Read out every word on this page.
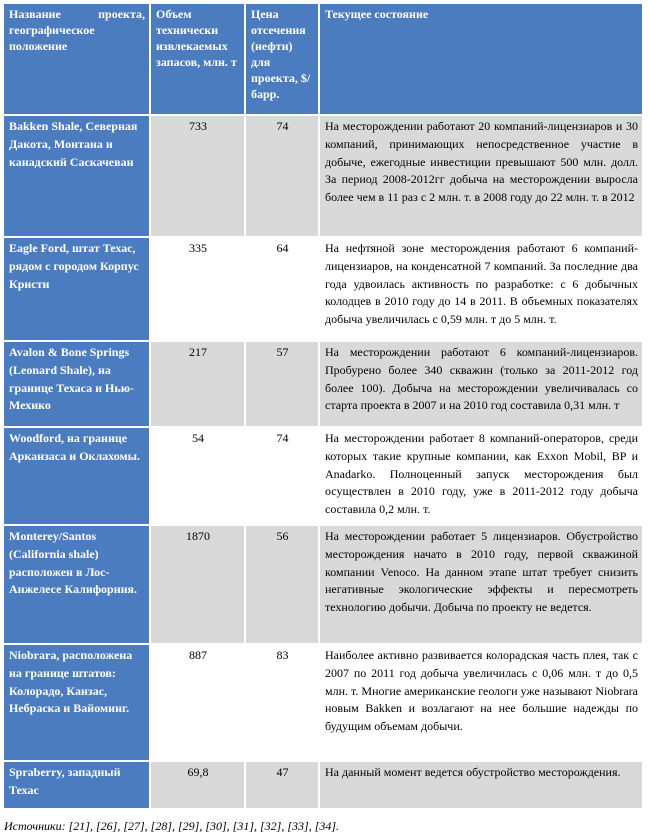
Название проекта, географическое положение	Объем технически извлекаемых запасов, млн. т	Цена отсечения (нефти) для проекта, $/барр.	Текущее состояние
Bakken Shale, Северная Дакота, Монтана и канадский Саскачеван	733	74	На месторождении работают 20 компаний-лицензиаров и 30 компаний, принимающих непосредственное участие в добыче, ежегодные инвестиции превышают 500 млн. долл. За период 2008-2012гг добыча на месторождении выросла более чем в 11 раз с 2 млн. т. в 2008 году до 22 млн. т. в 2012
Eagle Ford, штат Техас, рядом с городом Корпус Кристи	335	64	На нефтяной зоне месторождения работают 6 компаний-лицензиаров, на конденсатной 7 компаний. За последние два года удвоилась активность по разработке: с 6 добычных колодцев в 2010 году до 14 в 2011. В объемных показателях добыча увеличилась с 0,59 млн. т до 5 млн. т.
Avalon & Bone Springs (Leonard Shale), на границе Техаса и Нью-Мехико	217	57	На месторождении работают 6 компаний-лицензиаров. Пробурено более 340 скважин (только за 2011-2012 год более 100). Добыча на месторождении увеличивалась со старта проекта в 2007 и на 2010 год составила 0,31 млн. т
Woodford, на границе Арканзаса и Оклахомы.	54	74	На месторождении работает 8 компаний-операторов, среди которых такие крупные компании, как Exxon Mobil, BP и Anadarko. Полноценный запуск месторождения был осуществлен в 2010 году, уже в 2011-2012 году добыча составила 0,2 млн. т.
Monterey/Santos (California shale) расположен в Лос-Анжелесе Калифорния.	1870	56	На месторождении работает 5 лицензиаров. Обустройство месторождения начато в 2010 году, первой скважиной компании Venoco. На данном этапе штат требует снизить негативные экологические эффекты и пересмотреть технологию добычи. Добыча по проекту не ведется.
Niobrara, расположена на границе штатов: Колорадо, Канзас, Небраска и Вайоминг.	887	83	Наиболее активно развивается колорадская часть плея, так с 2007 по 2011 год добыча увеличилась с 0,06 млн. т до 0,5 млн. т. Многие американские геологи уже называют Niobrara новым Bakken и возлагают на нее большие надежды по будущим объемам добычи.
Spraberry, западный Техас	69,8	47	На данный момент ведется обустройство месторождения.
Источники: [21], [26], [27], [28], [29], [30], [31], [32], [33], [34].
